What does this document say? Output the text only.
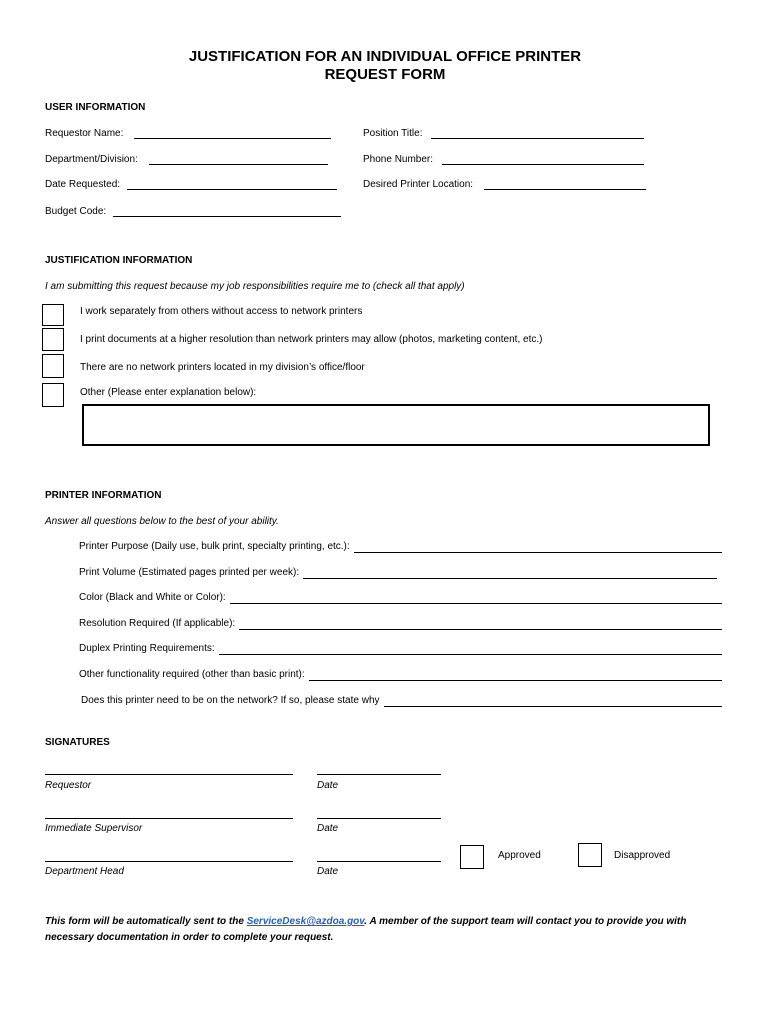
JUSTIFICATION FOR AN INDIVIDUAL OFFICE PRINTER
REQUEST FORM
USER INFORMATION
Requestor Name:	Position Title:
Department/Division:	Phone Number:
Date Requested:	Desired Printer Location:
Budget Code:
JUSTIFICATION INFORMATION
I am submitting this request because my job responsibilities require me to (check all that apply)
I work separately from others without access to network printers
I print documents at a higher resolution than network printers may allow (photos, marketing content, etc.)
There are no network printers located in my division’s office/floor
Other (Please enter explanation below):
PRINTER INFORMATION
Answer all questions below to the best of your ability.
Printer Purpose (Daily use, bulk print, specialty printing, etc.):
Print Volume (Estimated pages printed per week):
Color (Black and White or Color):
Resolution Required (If applicable):
Duplex Printing Requirements:
Other functionality required (other than basic print):
Does this printer need to be on the network? If so, please state why
SIGNATURES
Requestor	Date
Immediate Supervisor	Date
Department Head	Date
Approved	Disapproved
This form will be automatically sent to the ServiceDesk@azdoa.gov. A member of the support team will contact you to provide you with
necessary documentation in order to complete your request.
